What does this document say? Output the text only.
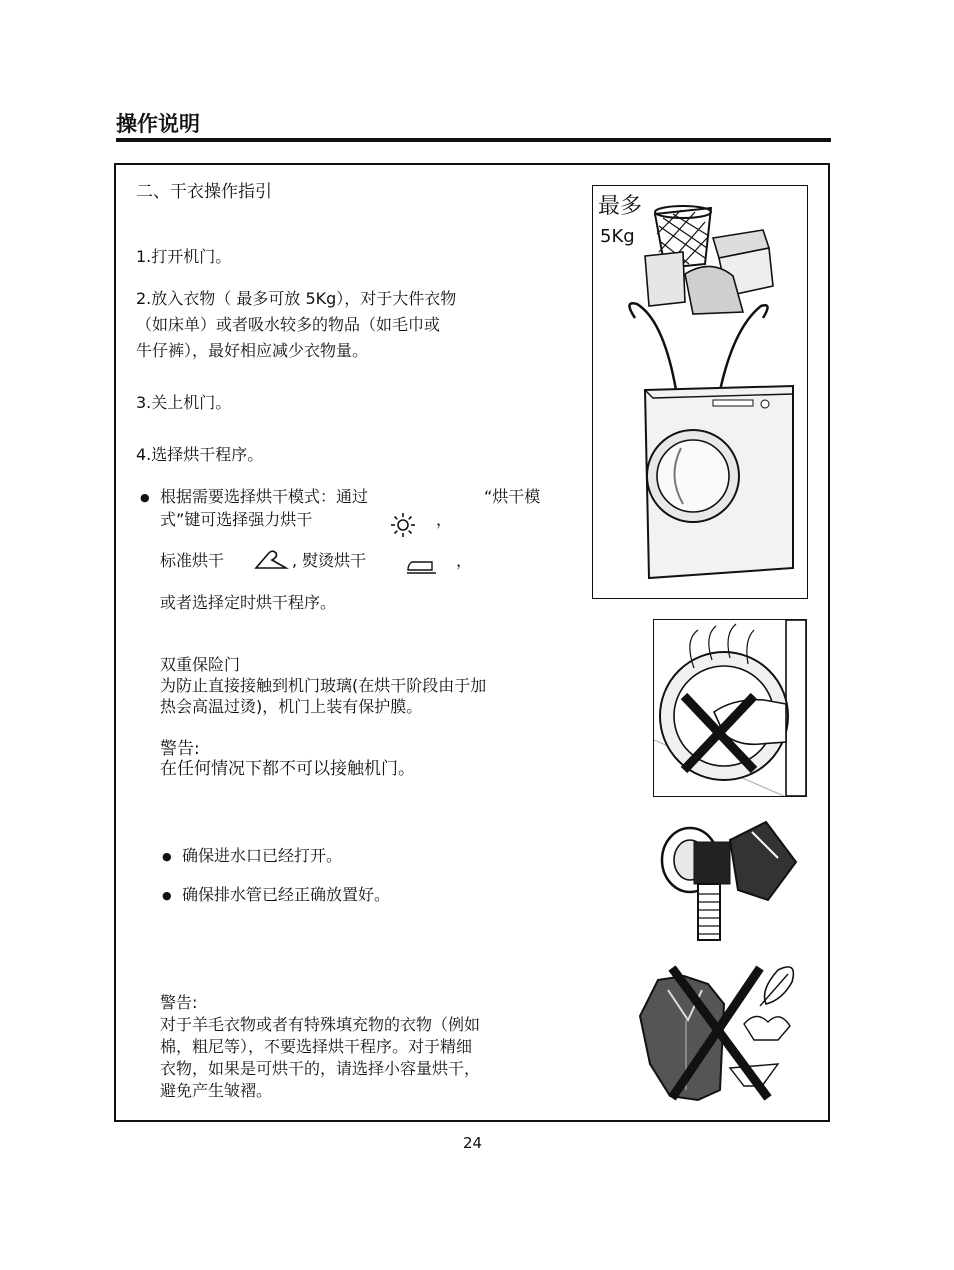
操作说明
二、干衣操作指引
1.打开机门。
2.放入衣物（ 最多可放 5Kg），对于大件衣物
（如床单）或者吸水较多的物品（如毛巾或
牛仔裤），最好相应减少衣物量。
3.关上机门。
4.选择烘干程序。
● 根据需要选择烘干模式：通过	“烘干模
式”键可选择强力烘干	，
标准烘干	, 熨烫烘干	，
或者选择定时烘干程序。
双重保险门
为防止直接接触到机门玻璃(在烘干阶段由于加
热会高温过烫)，机门上装有保护膜。
警告:
在任何情况下都不可以接触机门。
● 确保进水口已经打开。
● 确保排水管已经正确放置好。
警告:
对于羊毛衣物或者有特殊填充物的衣物（例如
棉，粗尼等），不要选择烘干程序。对于精细
衣物，如果是可烘干的，请选择小容量烘干，
避免产生皱褶。
最多
5Kg
24
